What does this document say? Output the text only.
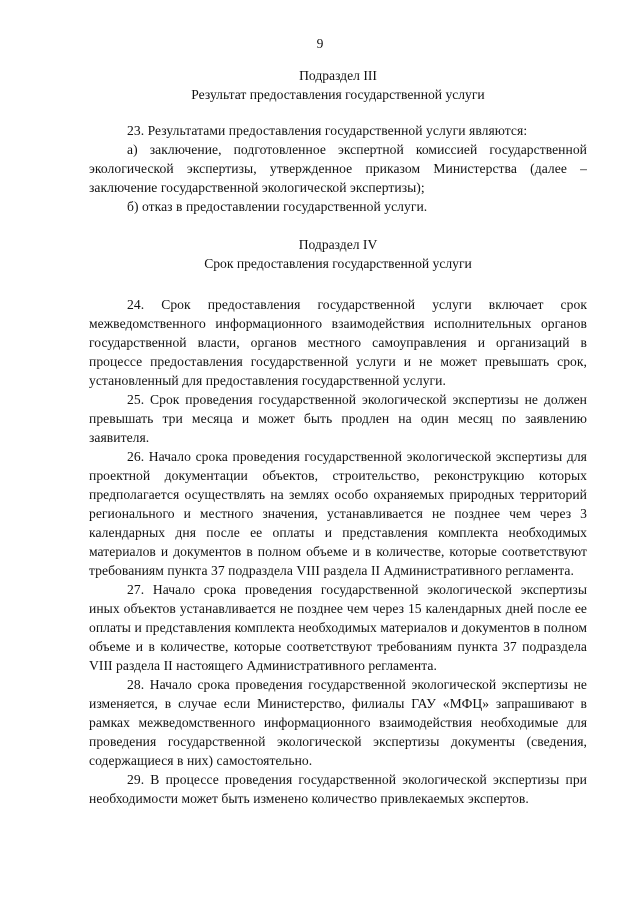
9
Подраздел III
Результат предоставления государственной услуги

23. Результатами предоставления государственной услуги являются:

а) заключение, подготовленное экспертной комиссией государственной экологической экспертизы, утвержденное приказом Министерства (далее – заключение государственной экологической экспертизы);

б) отказ в предоставлении государственной услуги.

Подраздел IV
Срок предоставления государственной услуги

24. Срок предоставления государственной услуги включает срок межведомственного информационного взаимодействия исполнительных органов государственной власти, органов местного самоуправления и организаций в процессе предоставления государственной услуги и не может превышать срок, установленный для предоставления государственной услуги.

25. Срок проведения государственной экологической экспертизы не должен превышать три месяца и может быть продлен на один месяц по заявлению заявителя.

26. Начало срока проведения государственной экологической экспертизы для проектной документации объектов, строительство, реконструкцию которых предполагается осуществлять на землях особо охраняемых природных территорий регионального и местного значения, устанавливается не позднее чем через 3 календарных дня после ее оплаты и представления комплекта необходимых материалов и документов в полном объеме и в количестве, которые соответствуют требованиям пункта 37 подраздела VIII раздела II Административного регламента.

27. Начало срока проведения государственной экологической экспертизы иных объектов устанавливается не позднее чем через 15 календарных дней после ее оплаты и представления комплекта необходимых материалов и документов в полном объеме и в количестве, которые соответствуют требованиям пункта 37 подраздела VIII раздела II настоящего Административного регламента.

28. Начало срока проведения государственной экологической экспертизы не изменяется, в случае если Министерство, филиалы ГАУ «МФЦ» запрашивают в рамках межведомственного информационного взаимодействия необходимые для проведения государственной экологической экспертизы документы (сведения, содержащиеся в них) самостоятельно.

29. В процессе проведения государственной экологической экспертизы при необходимости может быть изменено количество привлекаемых экспертов.
